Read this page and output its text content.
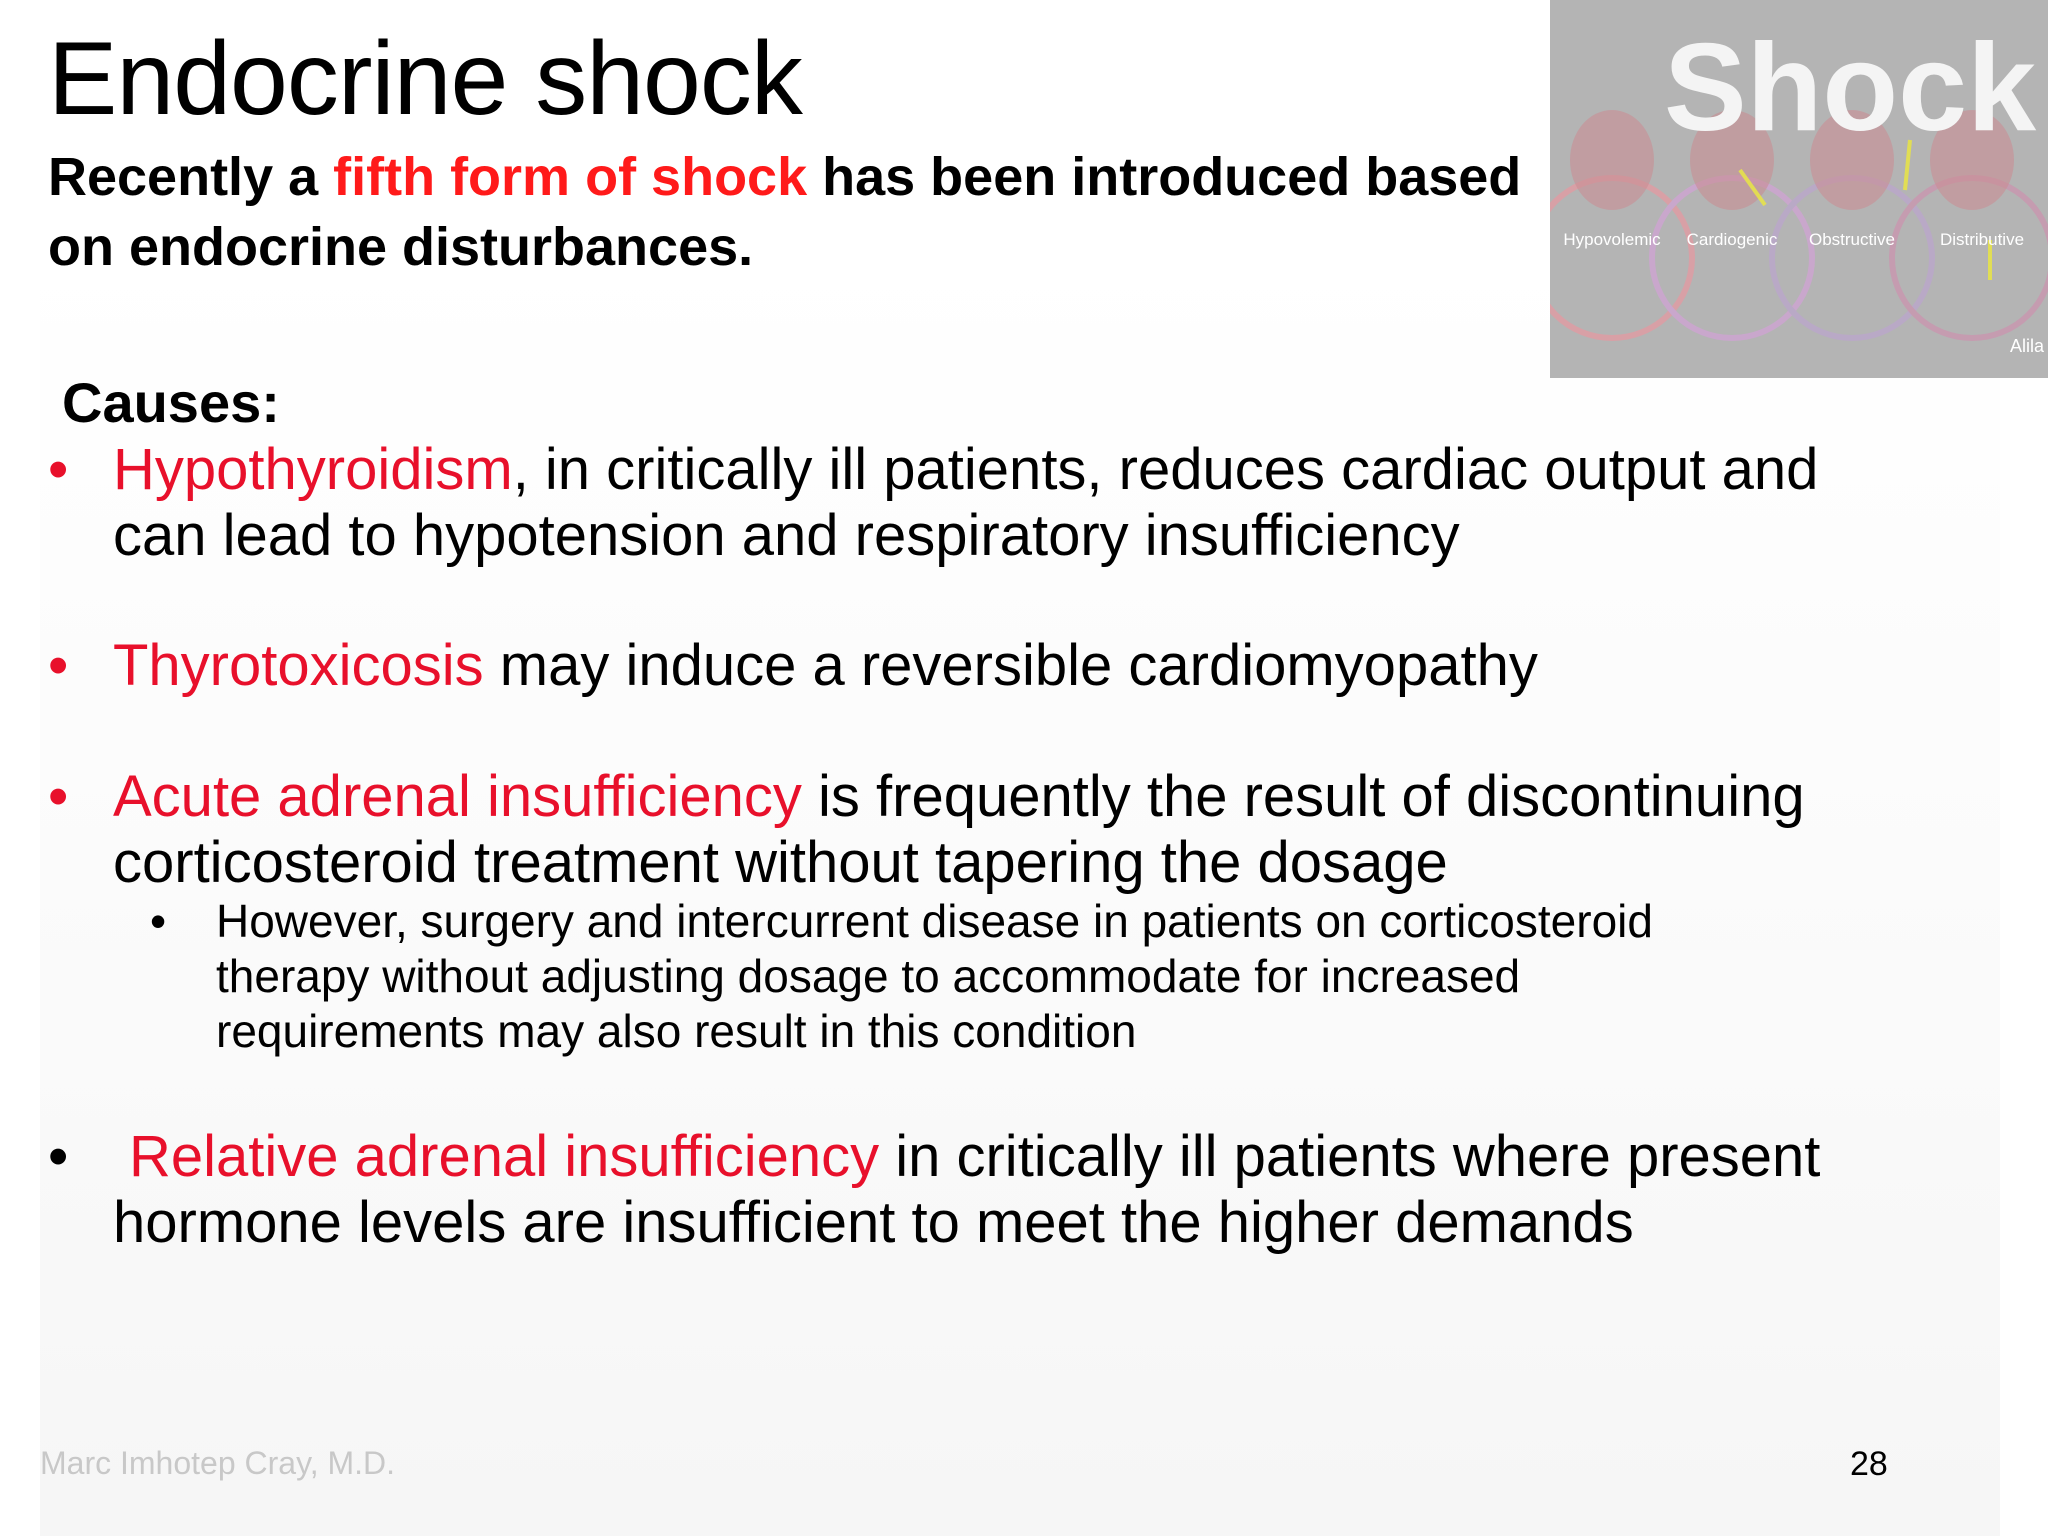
Endocrine shock
Recently a fifth form of shock has been introduced based on endocrine disturbances.
Shock
Hypovolemic Cardiogenic Obstructive	Distributive
Alila
Causes:
• Hypothyroidism, in critically ill patients, reduces cardiac output and
can lead to hypotension and respiratory insufficiency
• Thyrotoxicosis may induce a reversible cardiomyopathy
• Acute adrenal insufficiency is frequently the result of discontinuing
corticosteroid treatment without tapering the dosage
• However, surgery and intercurrent disease in patients on corticosteroid
therapy without adjusting dosage to accommodate for increased
requirements may also result in this condition
• Relative adrenal insufficiency in critically ill patients where present
hormone levels are insufficient to meet the higher demands
Marc Imhotep Cray, M.D.	28
